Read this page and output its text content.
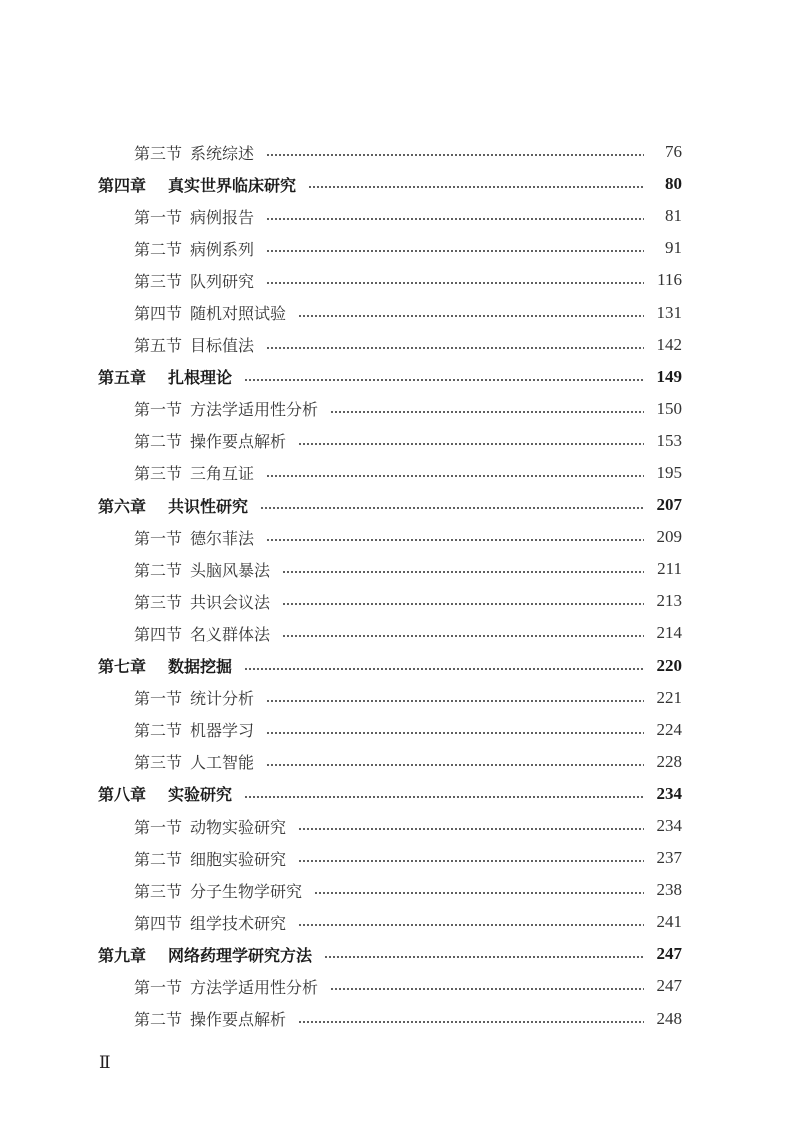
第三节 系统综述	76
第四章	真实世界临床研究	80
第一节 病例报告	81
第二节 病例系列	91
第三节 队列研究	116
第四节 随机对照试验	131
第五节 目标值法	142
第五章	扎根理论	149
第一节 方法学适用性分析	150
第二节 操作要点解析	153
第三节 三角互证	195
第六章	共识性研究	207
第一节 德尔菲法	209
第二节 头脑风暴法	211
第三节 共识会议法	213
第四节 名义群体法	214
第七章	数据挖掘	220
第一节 统计分析	221
第二节 机器学习	224
第三节 人工智能	228
第八章	实验研究	234
第一节 动物实验研究	234
第二节 细胞实验研究	237
第三节 分子生物学研究	238
第四节 组学技术研究	241
第九章	网络药理学研究方法	247
第一节 方法学适用性分析	247
第二节 操作要点解析	248
Ⅱ
